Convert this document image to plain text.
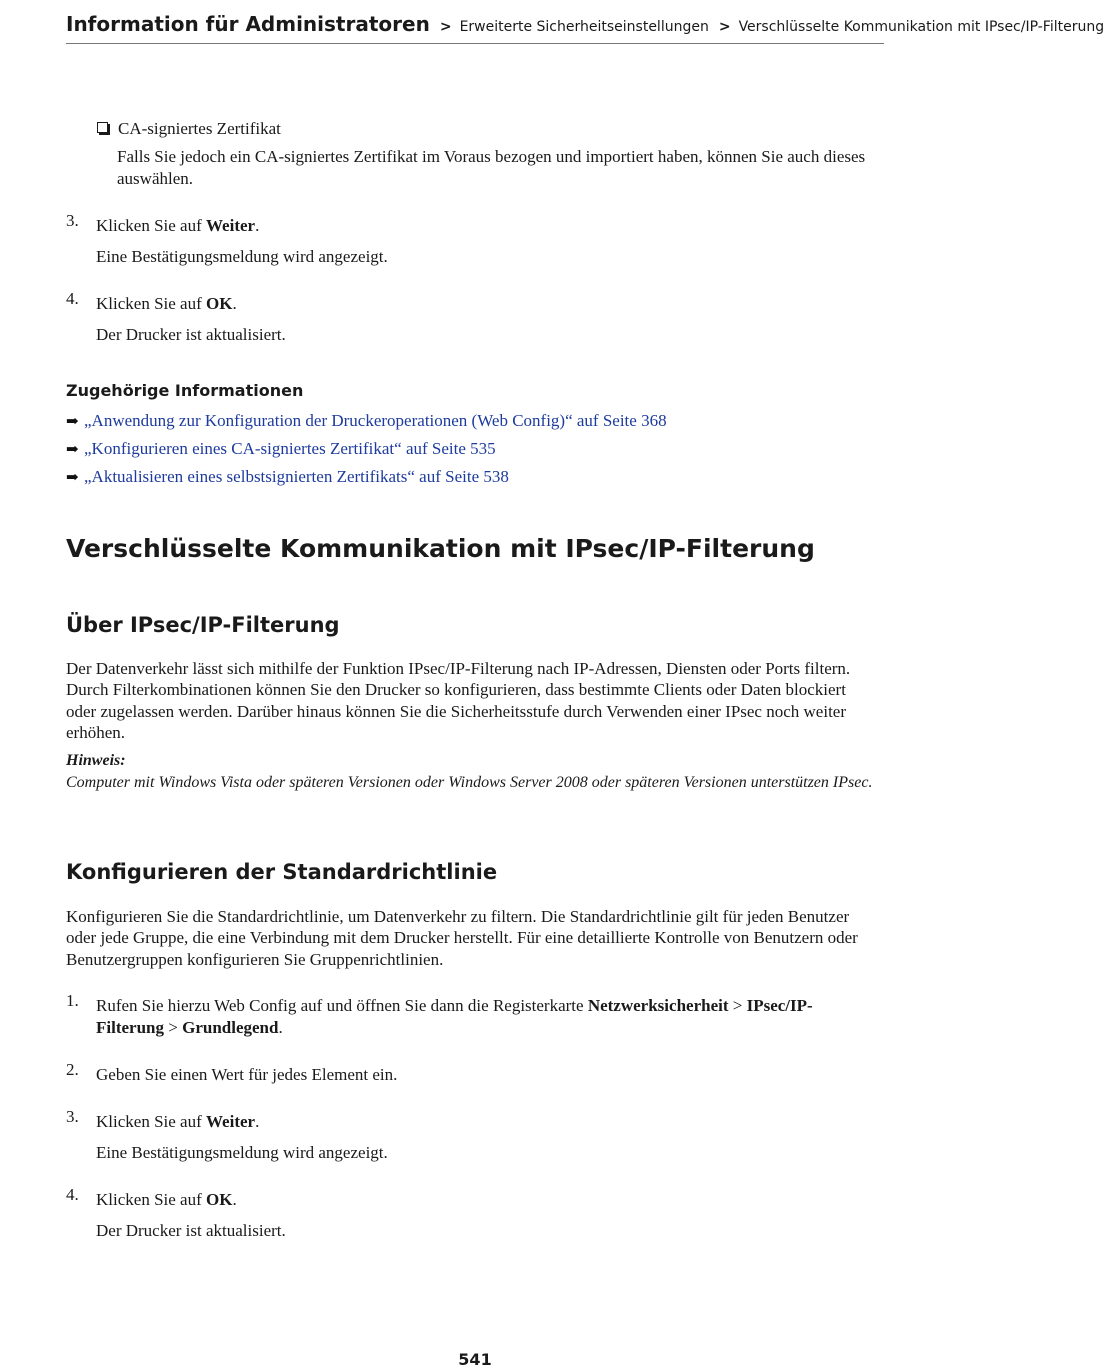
Information für Administratoren > Erweiterte Sicherheitseinstellungen > Verschlüsselte Kommunikation mit IPsec/IP-Filterung
CA-signiertes Zertifikat
Falls Sie jedoch ein CA-signiertes Zertifikat im Voraus bezogen und importiert haben, können Sie auch dieses auswählen.
3. Klicken Sie auf Weiter.
Eine Bestätigungsmeldung wird angezeigt.
4. Klicken Sie auf OK.
Der Drucker ist aktualisiert.
Zugehörige Informationen
➡ „Anwendung zur Konfiguration der Druckeroperationen (Web Config)“ auf Seite 368
➡ „Konfigurieren eines CA-signiertes Zertifikat“ auf Seite 535
➡ „Aktualisieren eines selbstsignierten Zertifikats“ auf Seite 538
Verschlüsselte Kommunikation mit IPsec/IP-Filterung
Über IPsec/IP-Filterung
Der Datenverkehr lässt sich mithilfe der Funktion IPsec/IP-Filterung nach IP-Adressen, Diensten oder Ports filtern. Durch Filterkombinationen können Sie den Drucker so konfigurieren, dass bestimmte Clients oder Daten blockiert oder zugelassen werden. Darüber hinaus können Sie die Sicherheitsstufe durch Verwenden einer IPsec noch weiter erhöhen.
Hinweis:
Computer mit Windows Vista oder späteren Versionen oder Windows Server 2008 oder späteren Versionen unterstützen IPsec.
Konfigurieren der Standardrichtlinie
Konfigurieren Sie die Standardrichtlinie, um Datenverkehr zu filtern. Die Standardrichtlinie gilt für jeden Benutzer oder jede Gruppe, die eine Verbindung mit dem Drucker herstellt. Für eine detaillierte Kontrolle von Benutzern oder Benutzergruppen konfigurieren Sie Gruppenrichtlinien.
1. Rufen Sie hierzu Web Config auf und öffnen Sie dann die Registerkarte Netzwerksicherheit > IPsec/IP-Filterung > Grundlegend.
2. Geben Sie einen Wert für jedes Element ein.
3. Klicken Sie auf Weiter.
Eine Bestätigungsmeldung wird angezeigt.
4. Klicken Sie auf OK.
Der Drucker ist aktualisiert.
541
